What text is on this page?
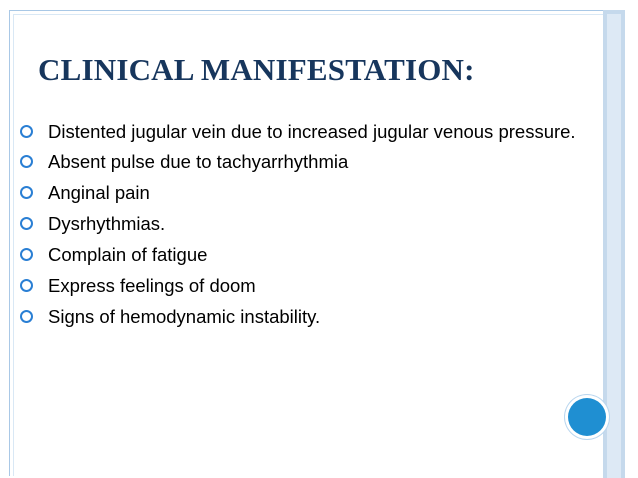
CLINICAL MANIFESTATION:
Distented jugular vein due to increased jugular venous pressure.
Absent pulse due to tachyarrhythmia
Anginal pain
Dysrhythmias.
Complain of fatigue
Express feelings of doom
Signs of hemodynamic instability.
